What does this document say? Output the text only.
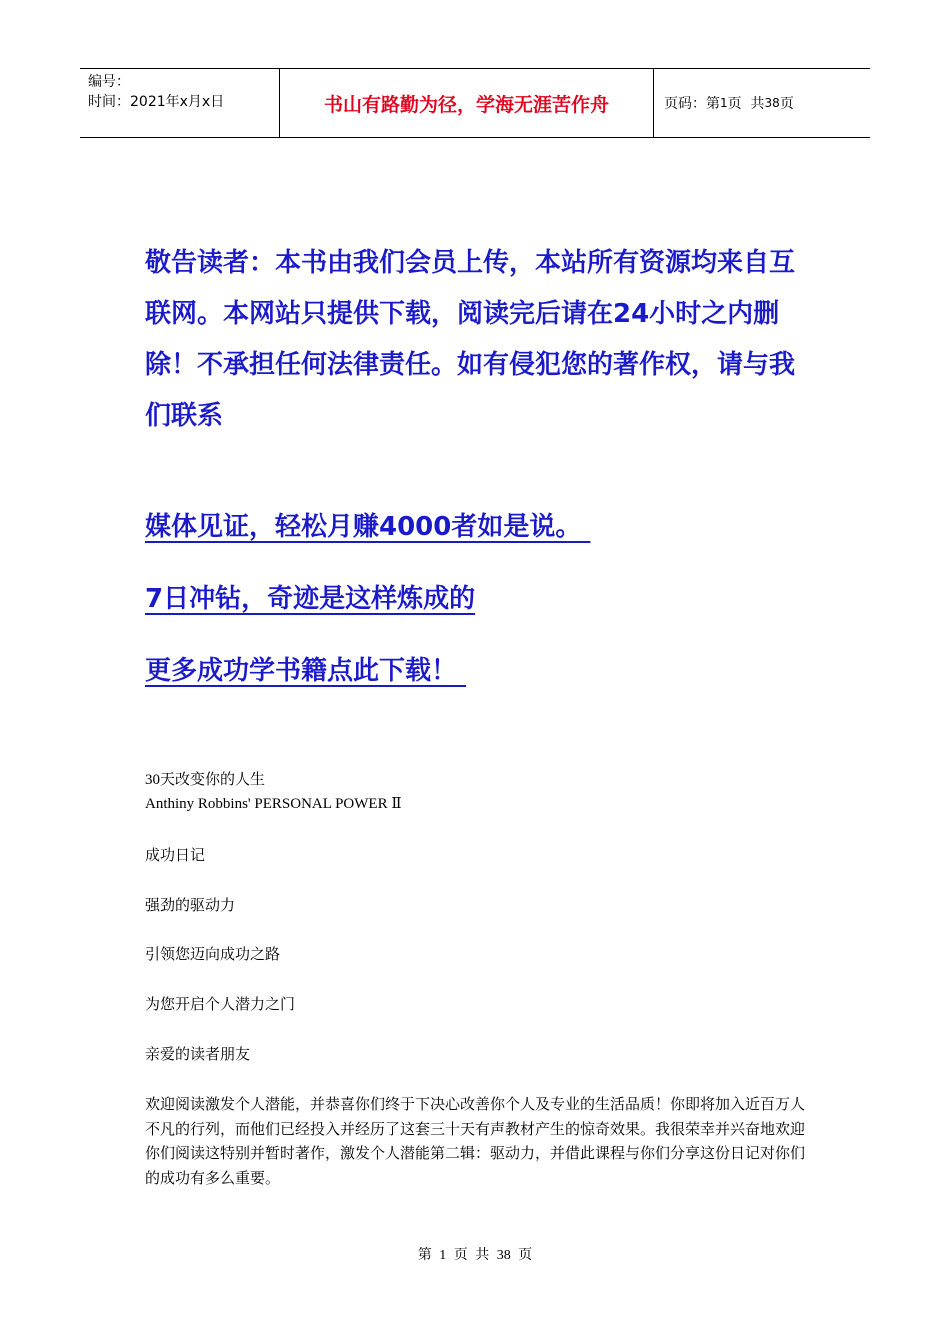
编号：
时间：2021年x月x日	书山有路勤为径，学海无涯苦作舟	页码：第 1 页  共 38 页
敬告读者：本书由我们会员上传，本站所有资源均来自互联网。本网站只提供下载，阅读完后请在24小时之内删除！不承担任何法律责任。如有侵犯您的著作权，请与我们联系
媒体见证，轻松月赚4000者如是说。
7日冲钻，奇迹是这样炼成的
更多成功学书籍点此下载！
30天改变你的人生
Anthiny Robbins' PERSONAL POWER Ⅱ
成功日记
强劲的驱动力
引领您迈向成功之路
为您开启个人潜力之门
亲爱的读者朋友
欢迎阅读激发个人潜能，并恭喜你们终于下决心改善你个人及专业的生活品质！你即将加入近百万人不凡的行列，而他们已经投入并经历了这套三十天有声教材产生的惊奇效果。我很荣幸并兴奋地欢迎你们阅读这特别并暂时著作，激发个人潜能第二辑：驱动力，并借此课程与你们分享这份日记对你们的成功有多么重要。
第 1 页 共 38 页
